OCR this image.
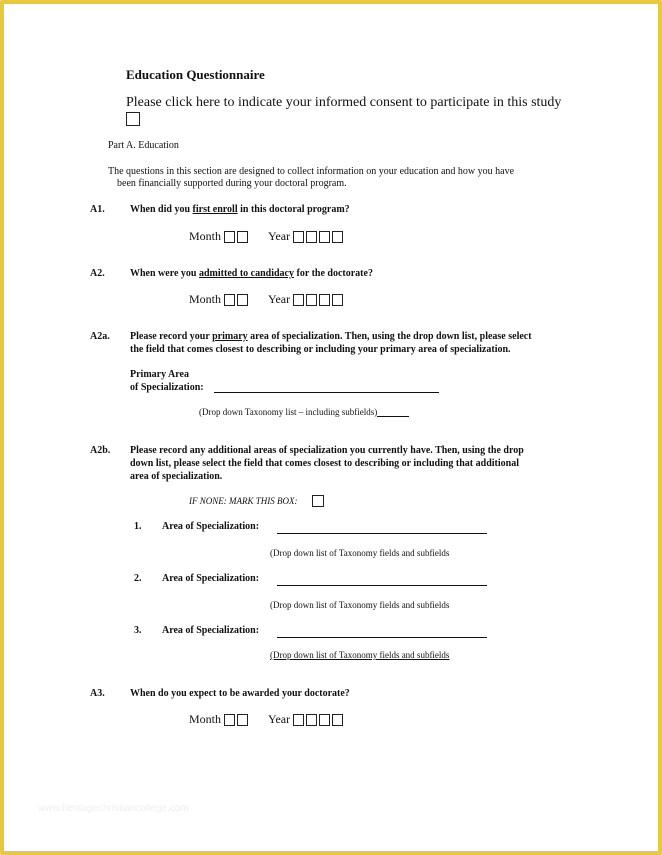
Education Questionnaire
Please click here to indicate your informed consent to participate in this study
Part A. Education
The questions in this section are designed to collect information on your education and how you have
been financially supported during your doctoral program.
A1.	When did you first enroll in this doctoral program?
Month	Year
A2.	When were you admitted to candidacy for the doctorate?
Month	Year
A2a. Please record your primary area of specialization. Then, using the drop down list, please select
the field that comes closest to describing or including your primary area of specialization.
Primary Area
of Specialization:
(Drop down Taxonomy list – including subfields)
A2b. Please record any additional areas of specialization you currently have. Then, using the drop
down list, please select the field that comes closest to describing or including that additional
area of specialization.
IF NONE: MARK THIS BOX:
1. Area of Specialization:
(Drop down list of Taxonomy fields and subfields
2. Area of Specialization:
(Drop down list of Taxonomy fields and subfields
3. Area of Specialization:
(Drop down list of Taxonomy fields and subfields
A3.	When do you expect to be awarded your doctorate?
Month	Year
www.heritagechristiancollege.com
